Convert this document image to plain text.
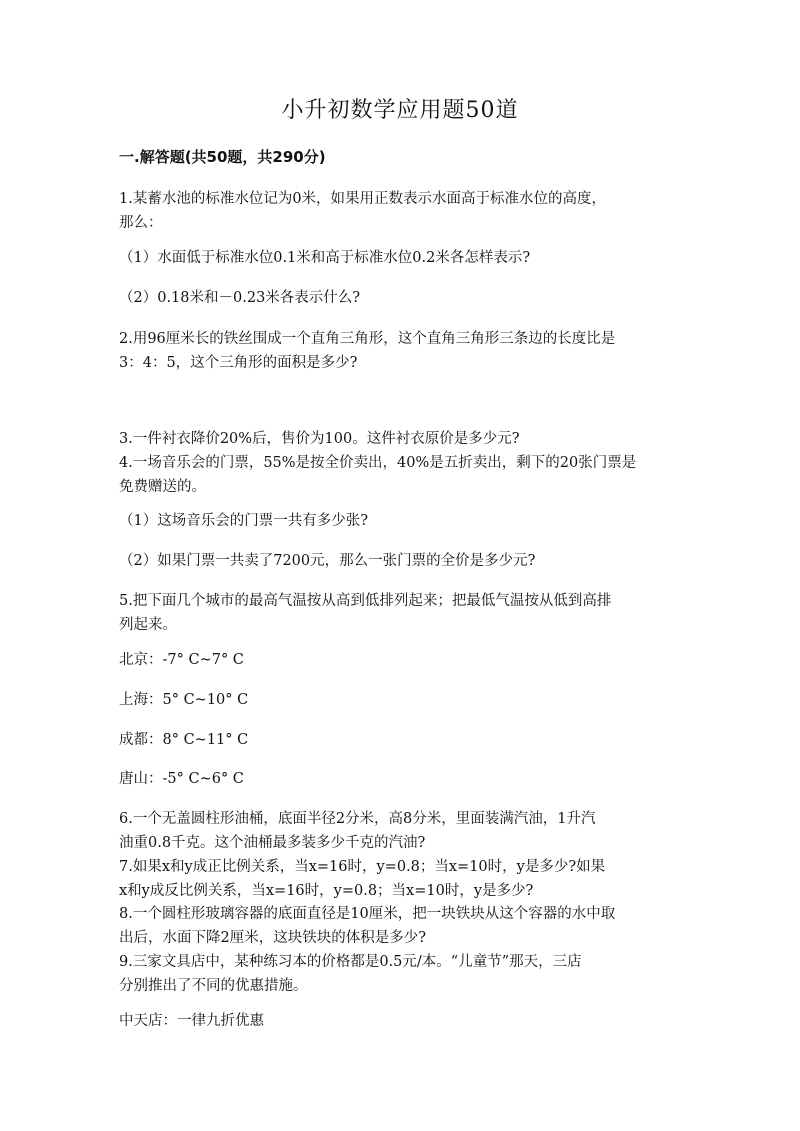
小升初数学应用题50道
一.解答题(共50题，共290分)
1.某蓄水池的标准水位记为0米，如果用正数表示水面高于标准水位的高度，
那么：
（1）水面低于标准水位0.1米和高于标准水位0.2米各怎样表示?
（2）0.18米和－0.23米各表示什么?
2.用96厘米长的铁丝围成一个直角三角形，这个直角三角形三条边的长度比是
3：4：5，这个三角形的面积是多少?
3.一件衬衣降价20%后，售价为100。这件衬衣原价是多少元?
4.一场音乐会的门票，55%是按全价卖出，40%是五折卖出，剩下的20张门票是
免费赠送的。
（1）这场音乐会的门票一共有多少张?
（2）如果门票一共卖了7200元，那么一张门票的全价是多少元?
5.把下面几个城市的最高气温按从高到低排列起来；把最低气温按从低到高排
列起来。
北京：-7° C~7° C
上海：5° C~10° C
成都：8° C~11° C
唐山：-5° C~6° C
6.一个无盖圆柱形油桶，底面半径2分米，高8分米，里面装满汽油，1升汽
油重0.8千克。这个油桶最多装多少千克的汽油?
7.如果x和y成正比例关系，当x=16时，y=0.8；当x=10时，y是多少?如果
x和y成反比例关系，当x=16时，y=0.8；当x=10时，y是多少?
8.一个圆柱形玻璃容器的底面直径是10厘米，把一块铁块从这个容器的水中取
出后，水面下降2厘米，这块铁块的体积是多少?
9.三家文具店中，某种练习本的价格都是0.5元/本。“儿童节”那天，三店
分别推出了不同的优惠措施。
中天店：一律九折优惠
